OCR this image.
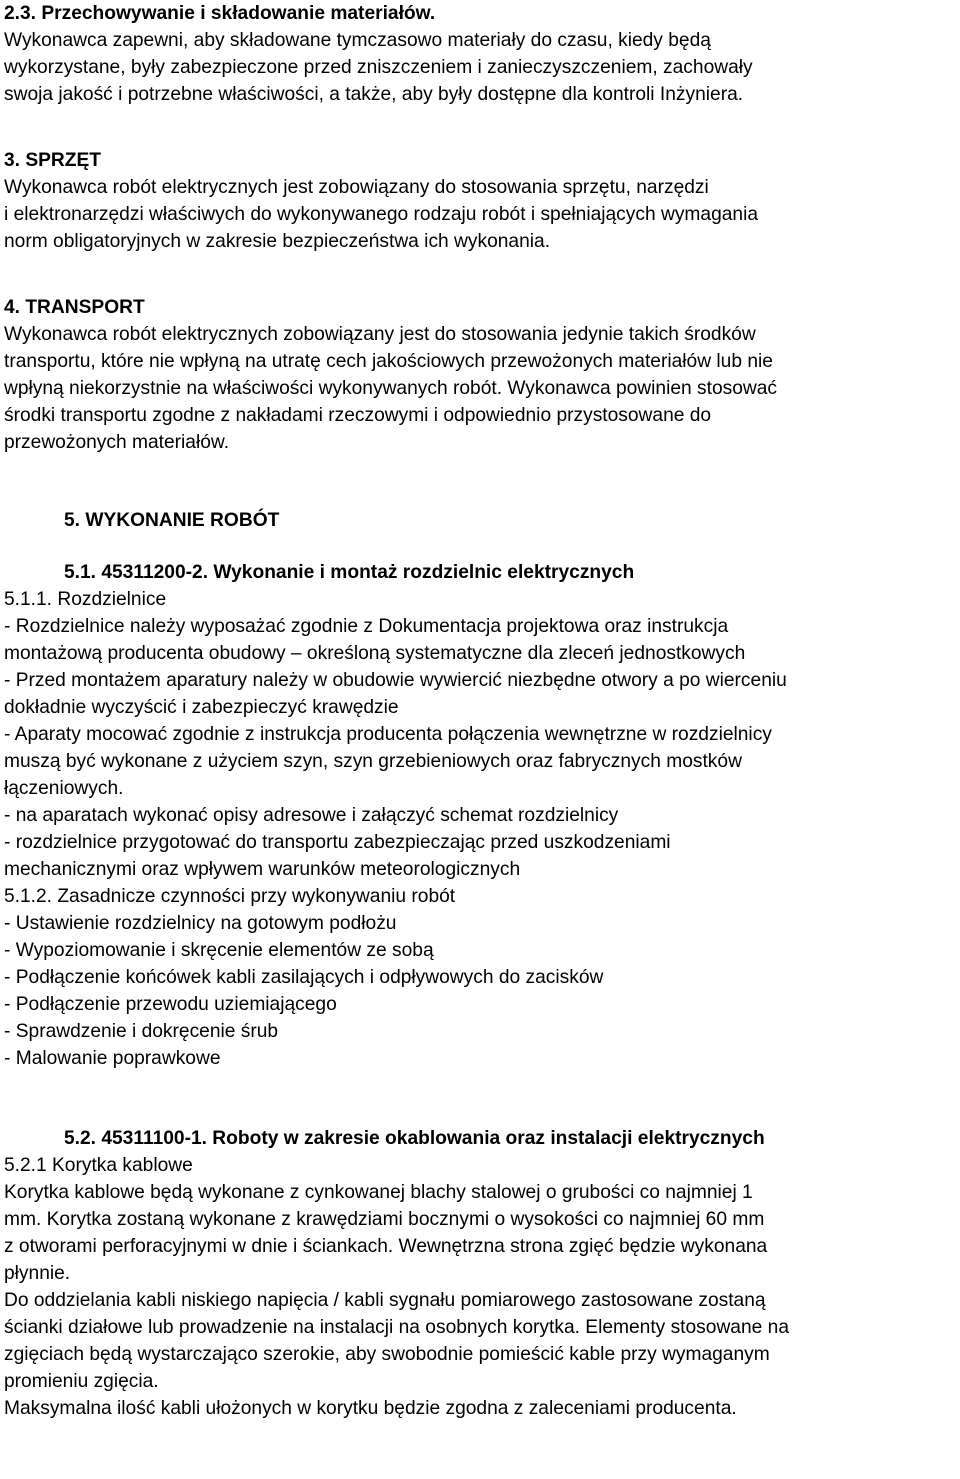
2.3. Przechowywanie i składowanie materiałów.
Wykonawca zapewni, aby składowane tymczasowo materiały do czasu, kiedy będą
wykorzystane, były zabezpieczone przed zniszczeniem i zanieczyszczeniem, zachowały
swoja jakość i potrzebne właściwości, a także, aby były dostępne dla kontroli Inżyniera.
3. SPRZĘT
Wykonawca robót elektrycznych jest zobowiązany do stosowania sprzętu, narzędzi
i elektronarzędzi właściwych do wykonywanego rodzaju robót i spełniających wymagania
norm obligatoryjnych w zakresie bezpieczeństwa ich wykonania.
4. TRANSPORT
Wykonawca robót elektrycznych zobowiązany jest do stosowania jedynie takich środków
transportu, które nie wpłyną na utratę cech jakościowych przewożonych materiałów lub nie
wpłyną niekorzystnie na właściwości wykonywanych robót. Wykonawca powinien stosować
środki transportu zgodne z nakładami rzeczowymi i odpowiednio przystosowane do
przewożonych materiałów.
5. WYKONANIE ROBÓT
5.1. 45311200-2. Wykonanie i montaż rozdzielnic elektrycznych
5.1.1. Rozdzielnice
- Rozdzielnice należy wyposażać zgodnie z Dokumentacja projektowa oraz instrukcja
montażową producenta obudowy – określoną systematyczne dla zleceń jednostkowych
- Przed montażem aparatury należy w obudowie wywiercić niezbędne otwory a po wierceniu
dokładnie wyczyścić i zabezpieczyć krawędzie
- Aparaty mocować zgodnie z instrukcja producenta połączenia wewnętrzne w rozdzielnicy
muszą być wykonane z użyciem szyn, szyn grzebieniowych oraz fabrycznych mostków
łączeniowych.
- na aparatach wykonać opisy adresowe i załączyć schemat rozdzielnicy
- rozdzielnice przygotować do transportu zabezpieczając przed uszkodzeniami
mechanicznymi oraz wpływem warunków meteorologicznych
5.1.2. Zasadnicze czynności przy wykonywaniu robót
- Ustawienie rozdzielnicy na gotowym podłożu
- Wypoziomowanie i skręcenie elementów ze sobą
- Podłączenie końcówek kabli zasilających i odpływowych do zacisków
- Podłączenie przewodu uziemiającego
- Sprawdzenie i dokręcenie śrub
- Malowanie poprawkowe
5.2. 45311100-1. Roboty w zakresie okablowania oraz instalacji elektrycznych
5.2.1 Korytka kablowe
Korytka kablowe będą wykonane z cynkowanej blachy stalowej o grubości co najmniej 1
mm. Korytka zostaną wykonane z krawędziami bocznymi o wysokości co najmniej 60 mm
z otworami perforacyjnymi w dnie i ściankach. Wewnętrzna strona zgięć będzie wykonana
płynnie.
Do oddzielania kabli niskiego napięcia / kabli sygnału pomiarowego zastosowane zostaną
ścianki działowe lub prowadzenie na instalacji na osobnych korytka. Elementy stosowane na
zgięciach będą wystarczająco szerokie, aby swobodnie pomieścić kable przy wymaganym
promieniu zgięcia.
Maksymalna ilość kabli ułożonych w korytku będzie zgodna z zaleceniami producenta.
